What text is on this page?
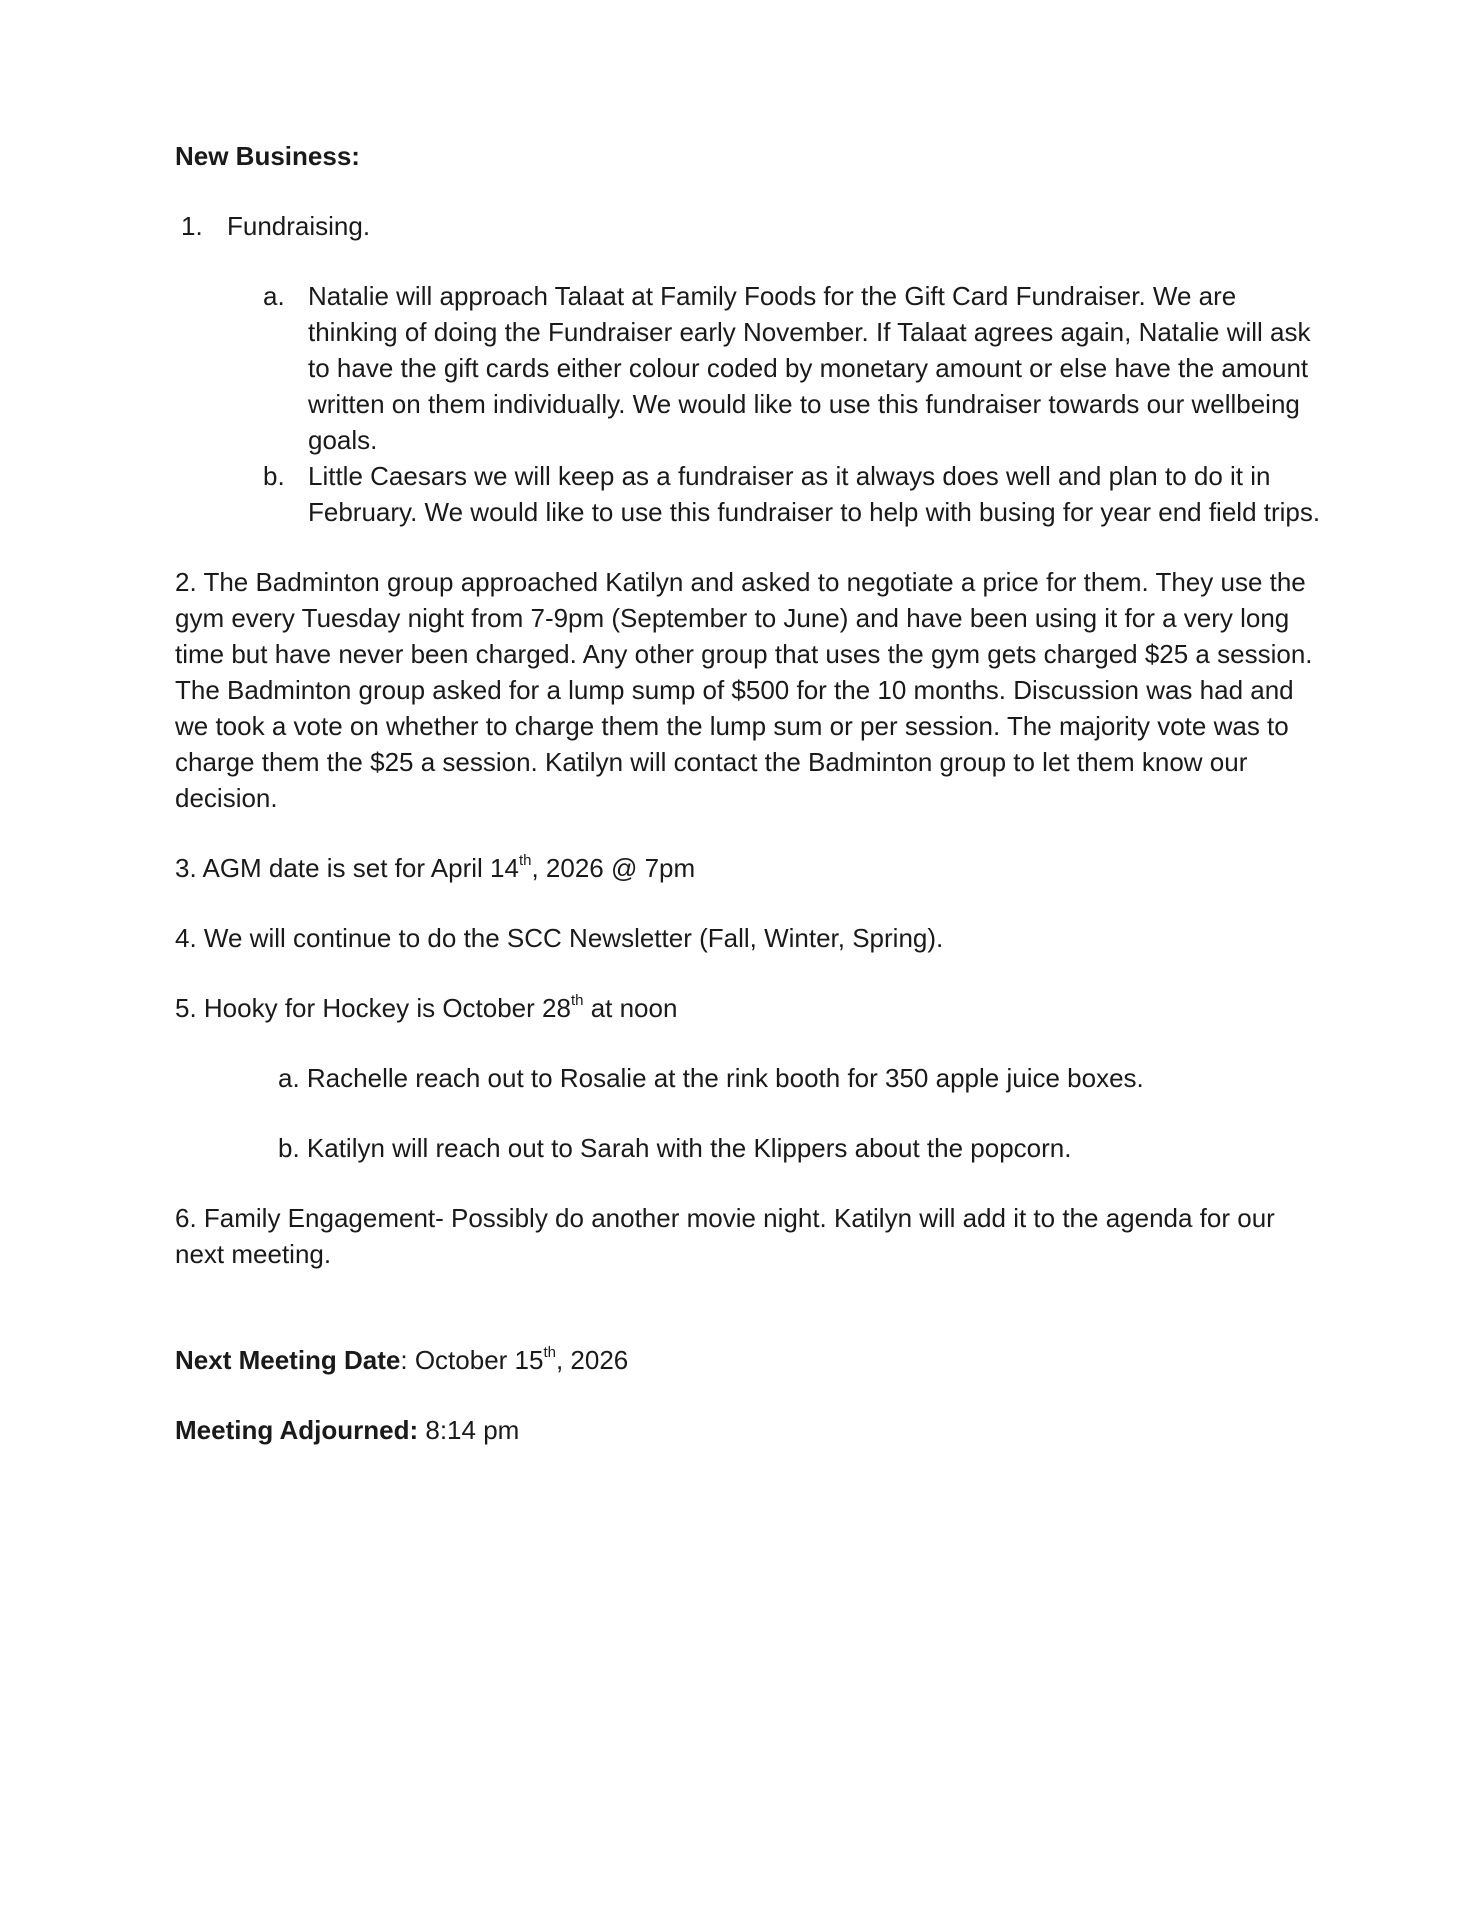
New Business:

1. Fundraising.
a. Natalie will approach Talaat at Family Foods for the Gift Card Fundraiser. We are thinking of doing the Fundraiser early November. If Talaat agrees again, Natalie will ask to have the gift cards either colour coded by monetary amount or else have the amount written on them individually. We would like to use this fundraiser towards our wellbeing goals.
b. Little Caesars we will keep as a fundraiser as it always does well and plan to do it in February. We would like to use this fundraiser to help with busing for year end field trips.

2. The Badminton group approached Katilyn and asked to negotiate a price for them. They use the gym every Tuesday night from 7-9pm (September to June) and have been using it for a very long time but have never been charged. Any other group that uses the gym gets charged $25 a session. The Badminton group asked for a lump sump of $500 for the 10 months. Discussion was had and we took a vote on whether to charge them the lump sum or per session. The majority vote was to charge them the $25 a session. Katilyn will contact the Badminton group to let them know our decision.

3. AGM date is set for April 14th, 2026 @ 7pm

4. We will continue to do the SCC Newsletter (Fall, Winter, Spring).

5. Hooky for Hockey is October 28th at noon

a. Rachelle reach out to Rosalie at the rink booth for 350 apple juice boxes.

b. Katilyn will reach out to Sarah with the Klippers about the popcorn.

6. Family Engagement- Possibly do another movie night. Katilyn will add it to the agenda for our next meeting.

Next Meeting Date: October 15th, 2026

Meeting Adjourned: 8:14 pm
